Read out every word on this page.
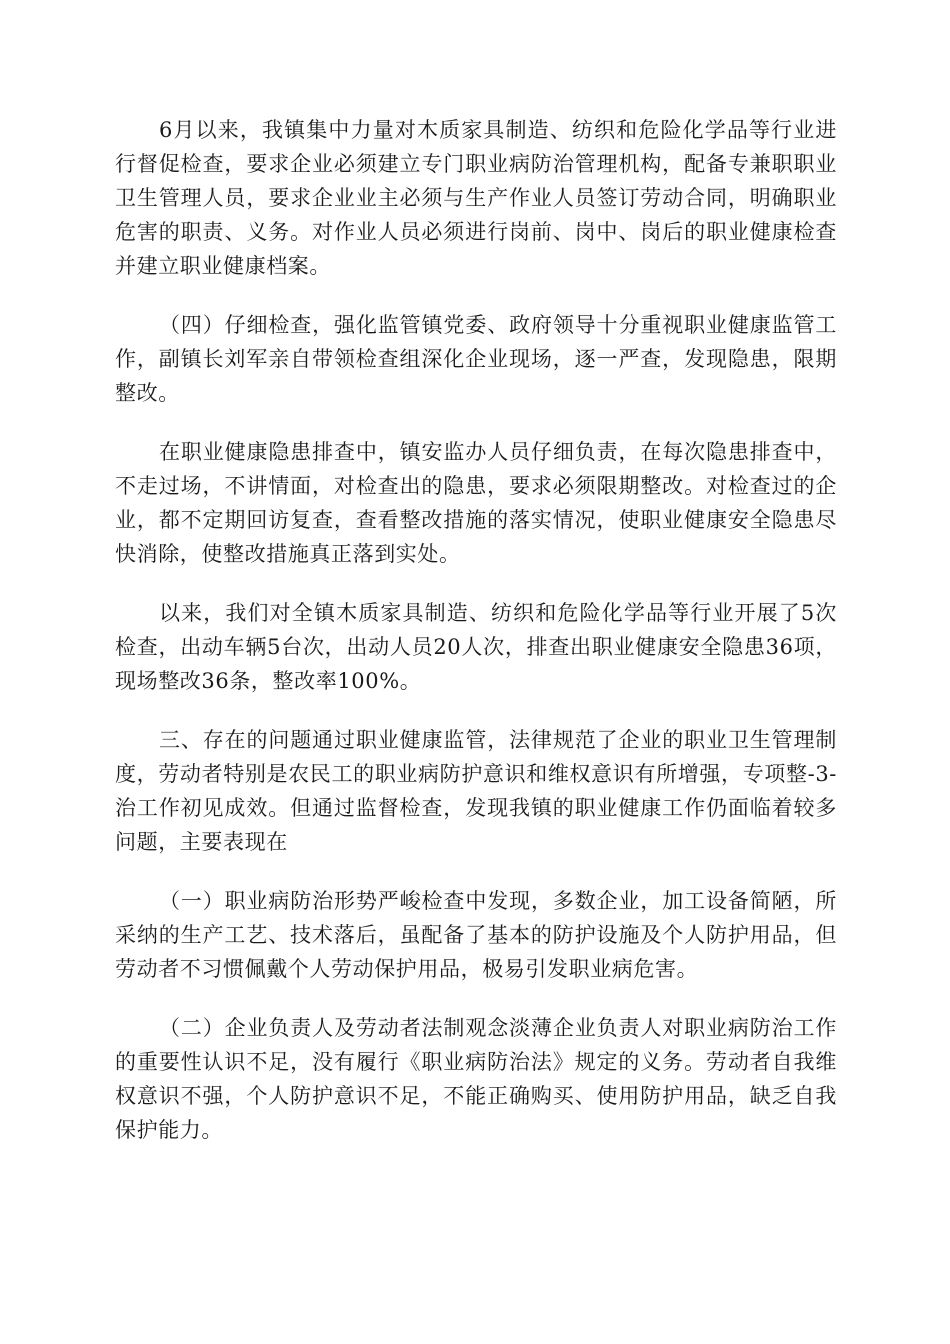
6月以来，我镇集中力量对木质家具制造、纺织和危险化学品等行业进行督促检查，要求企业必须建立专门职业病防治管理机构，配备专兼职职业卫生管理人员，要求企业业主必须与生产作业人员签订劳动合同，明确职业危害的职责、义务。对作业人员必须进行岗前、岗中、岗后的职业健康检查并建立职业健康档案。

（四）仔细检查，强化监管镇党委、政府领导十分重视职业健康监管工作，副镇长刘军亲自带领检查组深化企业现场，逐一严查，发现隐患，限期整改。

在职业健康隐患排查中，镇安监办人员仔细负责，在每次隐患排查中，不走过场，不讲情面，对检查出的隐患，要求必须限期整改。对检查过的企业，都不定期回访复查，查看整改措施的落实情况，使职业健康安全隐患尽快消除，使整改措施真正落到实处。

以来，我们对全镇木质家具制造、纺织和危险化学品等行业开展了5次检查，出动车辆5台次，出动人员20人次，排查出职业健康安全隐患36项，现场整改36条，整改率100%。

三、存在的问题通过职业健康监管，法律规范了企业的职业卫生管理制度，劳动者特别是农民工的职业病防护意识和维权意识有所增强，专项整-3-治工作初见成效。但通过监督检查，发现我镇的职业健康工作仍面临着较多问题，主要表现在

（一）职业病防治形势严峻检查中发现，多数企业，加工设备简陋，所采纳的生产工艺、技术落后，虽配备了基本的防护设施及个人防护用品，但劳动者不习惯佩戴个人劳动保护用品，极易引发职业病危害。

（二）企业负责人及劳动者法制观念淡薄企业负责人对职业病防治工作的重要性认识不足，没有履行《职业病防治法》规定的义务。劳动者自我维权意识不强，个人防护意识不足，不能正确购买、使用防护用品，缺乏自我保护能力。
